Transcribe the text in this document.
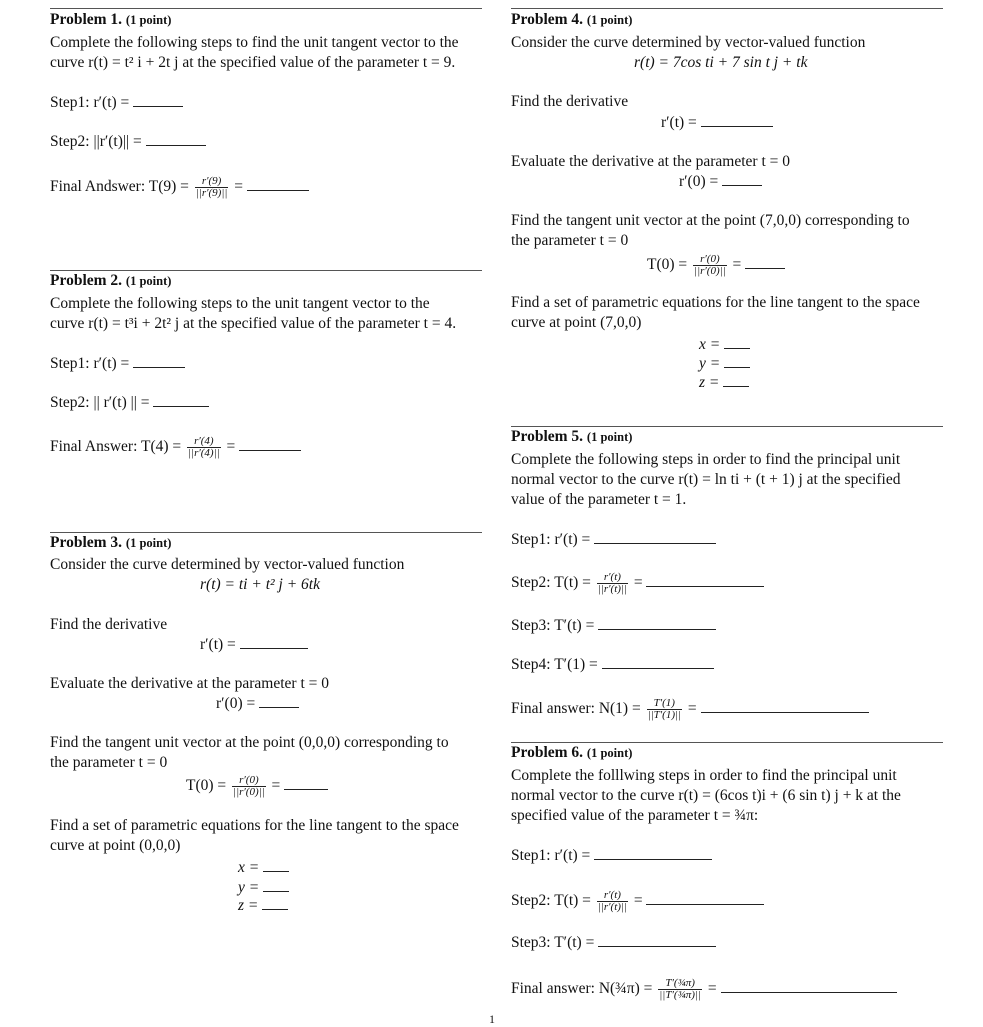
Problem 1. (1 point)
Complete the following steps to find the unit tangent vector to the
curve r(t) = t² i + 2t j at the specified value of the parameter t = 9.
Step1: r′(t) =
Step2: ||r′(t)|| =
Final Andswer: $T(9) = \frac{r'(9)}{||r'(9)||}$ =
Problem 2. (1 point)
Complete the following steps to the unit tangent vector to the
curve r(t) = t³i + 2t² j at the specified value of the parameter t = 4.
Step1: r′(t) =
Step2: || r′(t) || =
Final Answer: $T(4) = \frac{r'(4)}{||r'(4)||}$ =
Problem 3. (1 point)
Consider the curve determined by vector-valued function
r(t) = ti + t² j + 6tk
Find the derivative
r′(t) =
Evaluate the derivative at the parameter t = 0
r′(0) =
Find the tangent unit vector at the point (0,0,0) corresponding to
the parameter t = 0
$T(0) = \frac{r'(0)}{||r'(0)||}$ =
Find a set of parametric equations for the line tangent to the space
curve at point (0,0,0)
x =
y =
z =
Problem 4. (1 point)
Consider the curve determined by vector-valued function
r(t) = 7cos ti + 7 sin t j + tk
Find the derivative
r′(t) =
Evaluate the derivative at the parameter t = 0
r′(0) =
Find the tangent unit vector at the point (7,0,0) corresponding to
the parameter t = 0
$T(0) = \frac{r'(0)}{||r'(0)||}$ =
Find a set of parametric equations for the line tangent to the space
curve at point (7,0,0)
x =
y =
z =
Problem 5. (1 point)
Complete the following steps in order to find the principal unit
normal vector to the curve r(t) = ln ti + (t + 1) j at the specified
value of the parameter t = 1.
Step1: r′(t) =
Step2: $T(t) = \frac{r'(t)}{||r'(t)||}$ =
Step3: T′(t) =
Step4: T′(1) =
Final answer: $N(1) = \frac{T'(1)}{||T'(1)||}$ =
Problem 6. (1 point)
Complete the folllwing steps in order to find the principal unit
normal vector to the curve r(t) = (6cos t)i + (6 sin t) j + k at the
specified value of the parameter t = ¾π:
Step1: r′(t) =
Step2: $T(t) = \frac{r'(t)}{||r'(t)||}$ =
Step3: T′(t) =
Final answer: N(¾π) = $\frac{\text{T′(¾π)}}{\text{||T′(¾π)||}}$ =
1
